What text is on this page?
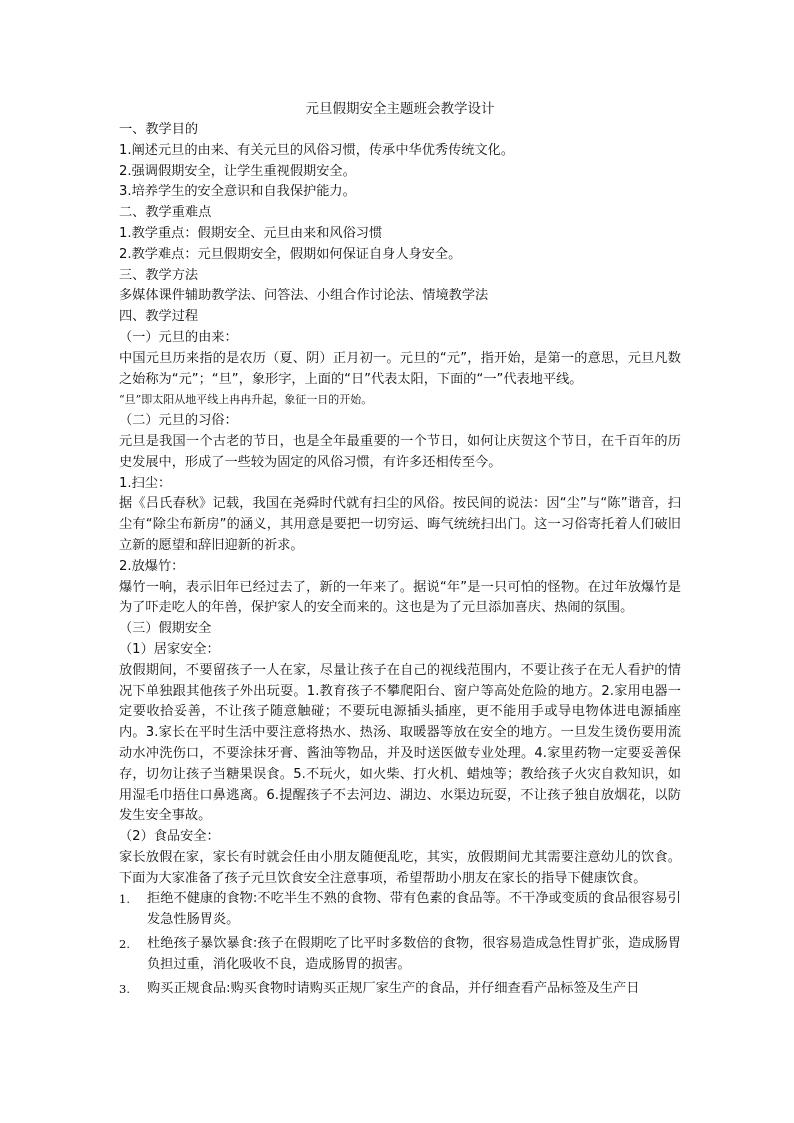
元旦假期安全主题班会教学设计

一、教学目的

1.阐述元旦的由来、有关元旦的风俗习惯，传承中华优秀传统文化。

2.强调假期安全，让学生重视假期安全。

3.培养学生的安全意识和自我保护能力。

二、教学重难点

1.教学重点：假期安全、元旦由来和风俗习惯

2.教学难点：元旦假期安全，假期如何保证自身人身安全。

三、教学方法

多媒体课件辅助教学法、问答法、小组合作讨论法、情境教学法

四、教学过程

（一）元旦的由来：

中国元旦历来指的是农历（夏、阴）正月初一。元旦的“元”，指开始，是第一的意思，元旦凡数之始称为“元”；“旦”，象形字，上面的“日”代表太阳，下面的“一”代表地平线。

“旦”即太阳从地平线上冉冉升起，象征一日的开始。

（二）元旦的习俗：

元旦是我国一个古老的节日，也是全年最重要的一个节日，如何让庆贺这个节日，在千百年的历史发展中，形成了一些较为固定的风俗习惯，有许多还相传至今。

1.扫尘：

据《吕氏春秋》记载，我国在尧舜时代就有扫尘的风俗。按民间的说法：因“尘”与“陈”谐音，扫尘有“除尘布新房”的涵义，其用意是要把一切穷运、晦气统统扫出门。这一习俗寄托着人们破旧立新的愿望和辞旧迎新的祈求。

2.放爆竹：

爆竹一响，表示旧年已经过去了，新的一年来了。据说“年”是一只可怕的怪物。在过年放爆竹是为了吓走吃人的年兽，保护家人的安全而来的。这也是为了元旦添加喜庆、热闹的氛围。

（三）假期安全

（1）居家安全：

放假期间，不要留孩子一人在家，尽量让孩子在自己的视线范围内，不要让孩子在无人看护的情况下单独跟其他孩子外出玩耍。1.教育孩子不攀爬阳台、窗户等高处危险的地方。2.家用电器一定要收拾妥善，不让孩子随意触碰；不要玩电源插头插座，更不能用手或导电物体进电源插座内。3.家长在平时生活中要注意将热水、热汤、取暖器等放在安全的地方。一旦发生烫伤要用流动水冲洗伤口，不要涂抹牙膏、酱油等物品，并及时送医做专业处理。4.家里药物一定要妥善保存，切勿让孩子当糖果误食。5.不玩火，如火柴、打火机、蜡烛等；教给孩子火灾自救知识，如用湿毛巾捂住口鼻逃离。6.提醒孩子不去河边、湖边、水渠边玩耍，不让孩子独自放烟花，以防发生安全事故。

（2）食品安全：

家长放假在家，家长有时就会任由小朋友随便乱吃，其实，放假期间尤其需要注意幼儿的饮食。下面为大家准备了孩子元旦饮食安全注意事项，希望帮助小朋友在家长的指导下健康饮食。

1.	拒绝不健康的食物:不吃半生不熟的食物、带有色素的食品等。不干净或变质的食品很容易引发急性肠胃炎。
2.	杜绝孩子暴饮暴食:孩子在假期吃了比平时多数倍的食物，很容易造成急性胃扩张，造成肠胃负担过重，消化吸收不良，造成肠胃的损害。
3.	购买正规食品:购买食物时请购买正规厂家生产的食品，并仔细查看产品标签及生产日
